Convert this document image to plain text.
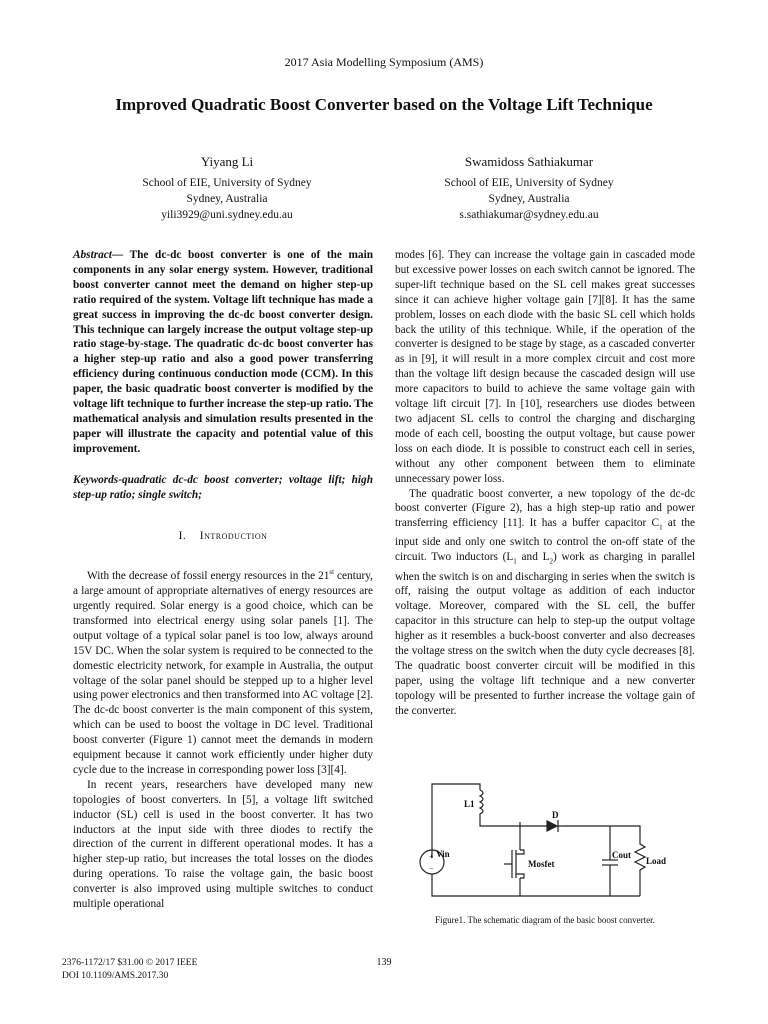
2017 Asia Modelling Symposium (AMS)
Improved Quadratic Boost Converter based on the Voltage Lift Technique
Yiyang Li
School of EIE, University of Sydney
Sydney, Australia
yili3929@uni.sydney.edu.au
Swamidoss Sathiakumar
School of EIE, University of Sydney
Sydney, Australia
s.sathiakumar@sydney.edu.au

Abstract— The dc-dc boost converter is one of the main components in any solar energy system. However, traditional boost converter cannot meet the demand on higher step-up ratio required of the system. Voltage lift technique has made a great success in improving the dc-dc boost converter design. This technique can largely increase the output voltage step-up ratio stage-by-stage. The quadratic dc-dc boost converter has a higher step-up ratio and also a good power transferring efficiency during continuous conduction mode (CCM). In this paper, the basic quadratic boost converter is modified by the voltage lift technique to further increase the step-up ratio. The mathematical analysis and simulation results presented in the paper will illustrate the capacity and potential value of this improvement.

Keywords-quadratic dc-dc boost converter; voltage lift; high step-up ratio; single switch;

I. Introduction

With the decrease of fossil energy resources in the 21st century, a large amount of appropriate alternatives of energy resources are urgently required. Solar energy is a good choice, which can be transformed into electrical energy using solar panels [1]. The output voltage of a typical solar panel is too low, always around 15V DC. When the solar system is required to be connected to the domestic electricity network, for example in Australia, the output voltage of the solar panel should be stepped up to a higher level using power electronics and then transformed into AC voltage [2]. The dc-dc boost converter is the main component of this system, which can be used to boost the voltage in DC level. Traditional boost converter (Figure 1) cannot meet the demands in modern equipment because it cannot work efficiently under higher duty cycle due to the increase in corresponding power loss [3][4].

In recent years, researchers have developed many new topologies of boost converters. In [5], a voltage lift switched inductor (SL) cell is used in the boost converter. It has two inductors at the input side with three diodes to rectify the direction of the current in different operational modes. It has a higher step-up ratio, but increases the total losses on the diodes during operations. To raise the voltage gain, the basic boost converter is also improved using multiple switches to conduct multiple operational

modes [6]. They can increase the voltage gain in cascaded mode but excessive power losses on each switch cannot be ignored. The super-lift technique based on the SL cell makes great successes since it can achieve higher voltage gain [7][8]. It has the same problem, losses on each diode with the basic SL cell which holds back the utility of this technique. While, if the operation of the converter is designed to be stage by stage, as a cascaded converter as in [9], it will result in a more complex circuit and cost more than the voltage lift design because the cascaded design will use more capacitors to build to achieve the same voltage gain with voltage lift circuit [7]. In [10], researchers use diodes between two adjacent SL cells to control the charging and discharging mode of each cell, boosting the output voltage, but cause power loss on each diode. It is possible to construct each cell in series, without any other component between them to eliminate unnecessary power loss.

The quadratic boost converter, a new topology of the dc-dc boost converter (Figure 2), has a high step-up ratio and power transferring efficiency [11]. It has a buffer capacitor $C_1$ at the input side and only one switch to control the on-off state of the circuit. Two inductors ($L_1$ and $L_2$) work as charging in parallel when the switch is on and discharging in series when the switch is off, raising the output voltage as addition of each inductor voltage. Moreover, compared with the SL cell, the buffer capacitor in this structure can help to step-up the output voltage higher as it resembles a buck-boost converter and also decreases the voltage stress on the switch when the duty cycle decreases [8]. The quadratic boost converter circuit will be modified in this paper, using the voltage lift technique and a new converter topology will be presented to further increase the voltage gain of the converter.

+
−
L1
D
Vin
Mosfet
Cout
Load
Figure1. The schematic diagram of the basic boost converter.
2376-1172/17 $31.00 © 2017 IEEE
DOI 10.1109/AMS.2017.30
139
